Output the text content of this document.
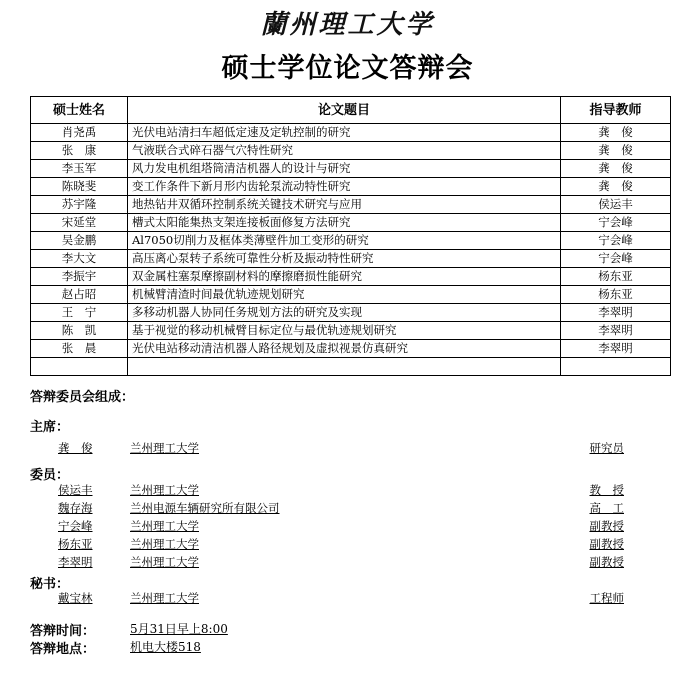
蘭州理工大学
硕士学位论文答辩会
硕士姓名	论文题目	指导教师
肖尧禹	光伏电站清扫车超低定速及定轨控制的研究	龚　俊
张　康	气液联合式碎石器气穴特性研究	龚　俊
李玉军	风力发电机组塔筒清洁机器人的设计与研究	龚　俊
陈晓斐	变工作条件下新月形内齿轮泵流动特性研究	龚　俊
苏宇隆	地热钻井双循环控制系统关键技术研究与应用	侯运丰
宋延堂	槽式太阳能集热支架连接板面修复方法研究	宁会峰
吴金鹏	Al7050切削力及框体类薄壁件加工变形的研究	宁会峰
李大文	高压离心泵转子系统可靠性分析及振动特性研究	宁会峰
李振宇	双金属柱塞泵摩擦副材料的摩擦磨损性能研究	杨东亚
赵占昭	机械臂清渣时间最优轨迹规划研究	杨东亚
王　宁	多移动机器人协同任务规划方法的研究及实现	李翠明
陈　凯	基于视觉的移动机械臂目标定位与最优轨迹规划研究	李翠明
张　晨	光伏电站移动清洁机器人路径规划及虚拟视景仿真研究	李翠明

答辩委员会组成：
主席：
龚　俊	兰州理工大学	研究员
委员：
侯运丰	兰州理工大学	教　授
魏存海	兰州电源车辆研究所有限公司	高　工
宁会峰	兰州理工大学	副教授
杨东亚	兰州理工大学	副教授
李翠明	兰州理工大学	副教授
秘书：
戴宝林	兰州理工大学	工程师
答辩时间：	5月31日早上8:00
答辩地点：	机电大楼518
